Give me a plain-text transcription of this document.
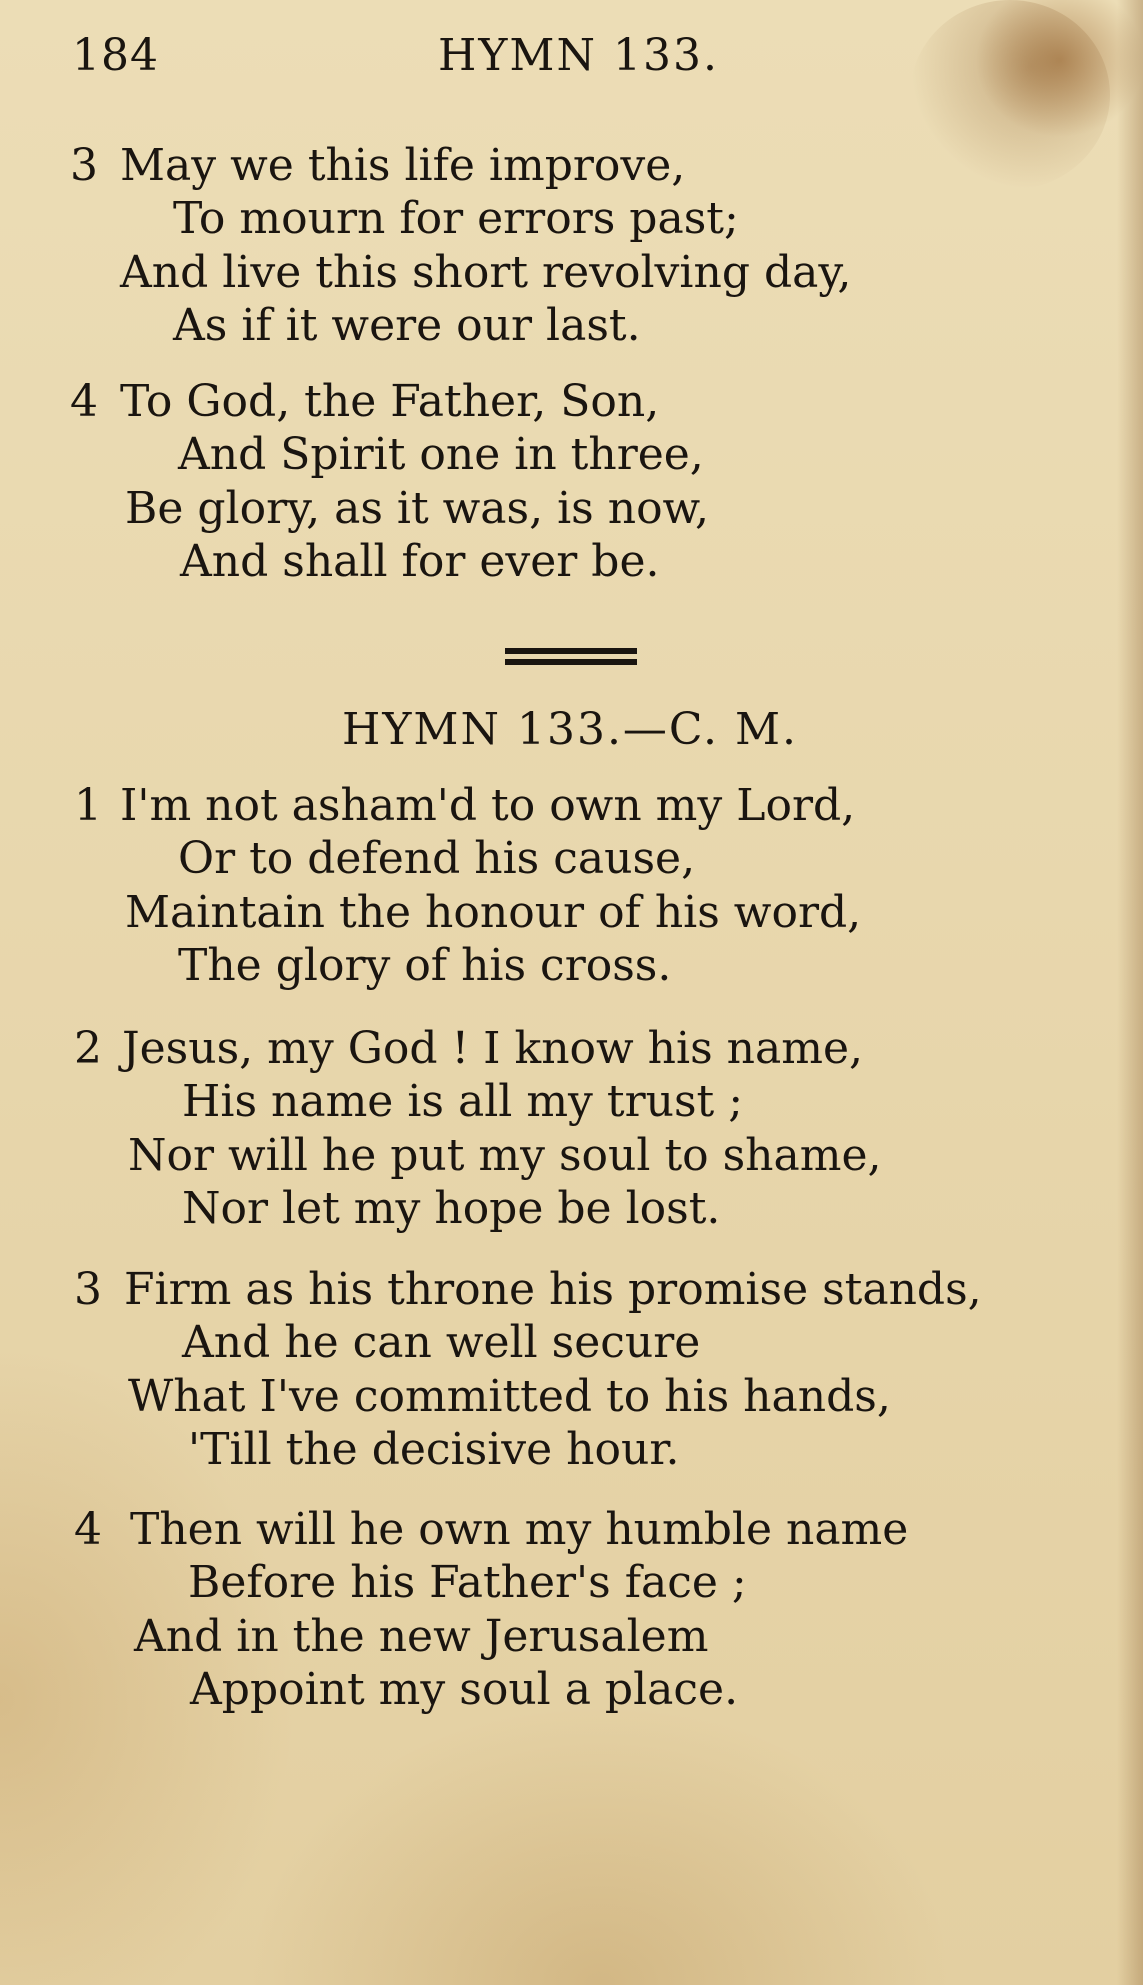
184	HYMN 133.
3 May we this life improve,
To mourn for errors past;
And live this short revolving day,
As if it were our last.
4 To God, the Father, Son,
And Spirit one in three,
Be glory, as it was, is now,
And shall for ever be.
HYMN 133.—C. M.
1 I'm not asham'd to own my Lord,
Or to defend his cause,
Maintain the honour of his word,
The glory of his cross.
2 Jesus, my God ! I know his name,
His name is all my trust ;
Nor will he put my soul to shame,
Nor let my hope be lost.
3 Firm as his throne his promise stands,
And he can well secure
What I've committed to his hands,
'Till the decisive hour.
4 Then will he own my humble name
Before his Father's face ;
And in the new Jerusalem
Appoint my soul a place.
